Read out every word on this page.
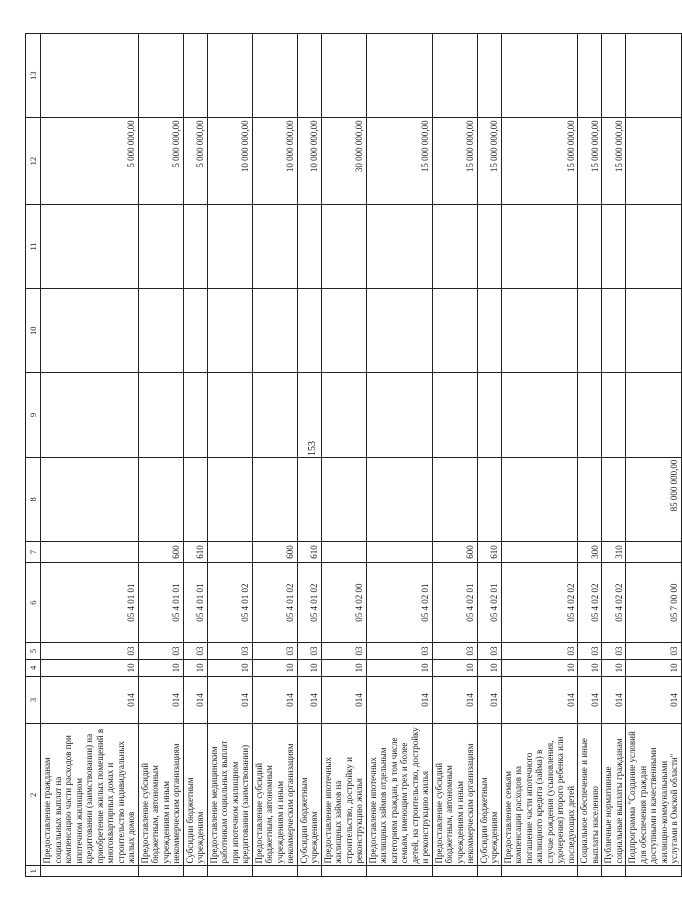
153
1	2	3	4	5	6	7	8	9	10	11	12	13
	Предоставление гражданам социальных выплат на компенсацию части расходов при ипотечном жилищном кредитовании (заимствовании) на приобретение жилых помещений в многоквартирных домах и строительство индивидуальных жилых домов	014	10	03	05 4 01 01						5 000 000,00	
	Предоставление субсидий бюджетным, автономным учреждениям и иным некоммерческим организациям	014	10	03	05 4 01 01	600					5 000 000,00	
	Субсидии бюджетным учреждениям	014	10	03	05 4 01 01	610					5 000 000,00	
	Предоставление медицинским работникам социальных выплат при ипотечном жилищном кредитовании (заимствовании)	014	10	03	05 4 01 02						10 000 000,00	
	Предоставление субсидий бюджетным, автономным учреждениям и иным некоммерческим организациям	014	10	03	05 4 01 02	600					10 000 000,00	
	Субсидии бюджетным учреждениям	014	10	03	05 4 01 02	610					10 000 000,00	
	Предоставление ипотечных жилищных займов на строительство, достройку и реконструкцию жилья	014	10	03	05 4 02 00						30 000 000,00	
	Предоставление ипотечных жилищных займов отдельным категориям граждан, в том числе семьям, имеющим трех и более детей, на строительство, достройку и реконструкцию жилья	014	10	03	05 4 02 01						15 000 000,00	
	Предоставление субсидий бюджетным, автономным учреждениям и иным некоммерческим организациям	014	10	03	05 4 02 01	600					15 000 000,00	
	Субсидии бюджетным учреждениям	014	10	03	05 4 02 01	610					15 000 000,00	
	Предоставление семьям компенсации расходов на погашение части ипотечного жилищного кредита (займа) в случае рождения (усыновления, удочерения) второго ребенка или последующих детей	014	10	03	05 4 02 02						15 000 000,00	
	Социальное обеспечение и иные выплаты населению	014	10	03	05 4 02 02	300					15 000 000,00	
	Публичные нормативные социальные выплаты гражданам	014	10	03	05 4 02 02	310					15 000 000,00	
	Подпрограмма "Создание условий для обеспечения граждан доступными и качественными жилищно-коммунальными услугами в Омской области"	014	10	03	05 7 00 00		85 000 000,00					
